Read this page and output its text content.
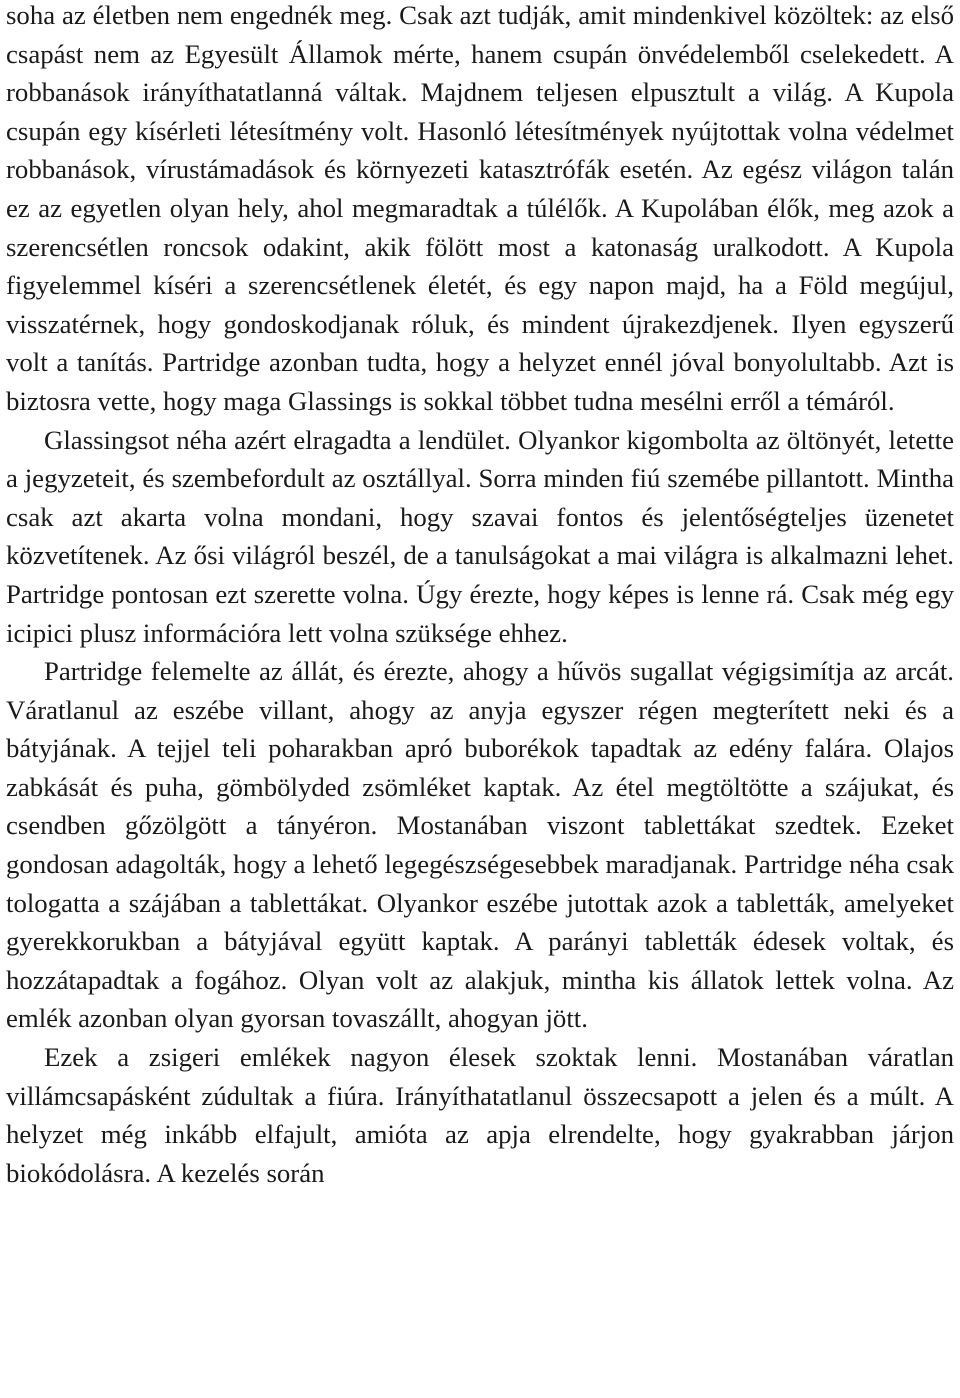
soha az életben nem engednék meg. Csak azt tudják, amit mindenkivel közöltek: az első csapást nem az Egyesült Államok mérte, hanem csupán önvédelemből cselekedett. A robbanások irányíthatatlanná váltak. Majdnem teljesen elpusztult a világ. A Kupola csupán egy kísérleti létesítmény volt. Hasonló létesítmények nyújtottak volna védelmet robbanások, vírustámadások és környezeti katasztrófák esetén. Az egész világon talán ez az egyetlen olyan hely, ahol megmaradtak a túlélők. A Kupolában élők, meg azok a szerencsétlen roncsok odakint, akik fölött most a katonaság uralkodott. A Kupola figyelemmel kíséri a szerencsétlenek életét, és egy napon majd, ha a Föld megújul, visszatérnek, hogy gondoskodjanak róluk, és mindent újrakezdjenek. Ilyen egyszerű volt a tanítás. Partridge azonban tudta, hogy a helyzet ennél jóval bonyolultabb. Azt is biztosra vette, hogy maga Glassings is sokkal többet tudna mesélni erről a témáról.

Glassingsot néha azért elragadta a lendület. Olyankor kigombolta az öltönyét, letette a jegyzeteit, és szembefordult az osztállyal. Sorra minden fiú szemébe pillantott. Mintha csak azt akarta volna mondani, hogy szavai fontos és jelentőségteljes üzenetet közvetítenek. Az ősi világról beszél, de a tanulságokat a mai világra is alkalmazni lehet. Partridge pontosan ezt szerette volna. Úgy érezte, hogy képes is lenne rá. Csak még egy icipici plusz információra lett volna szüksége ehhez.

Partridge felemelte az állát, és érezte, ahogy a hűvös sugallat végigsimítja az arcát. Váratlanul az eszébe villant, ahogy az anyja egyszer régen megterített neki és a bátyjának. A tejjel teli poharakban apró buborékok tapadtak az edény falára. Olajos zabkását és puha, gömbölyded zsömléket kaptak. Az étel megtöltötte a szájukat, és csendben gőzölgött a tányéron. Mostanában viszont tablettákat szedtek. Ezeket gondosan adagolták, hogy a lehető legegészségesebbek maradjanak. Partridge néha csak tologatta a szájában a tablettákat. Olyankor eszébe jutottak azok a tabletták, amelyeket gyerekkorukban a bátyjával együtt kaptak. A parányi tabletták édesek voltak, és hozzátapadtak a fogához. Olyan volt az alakjuk, mintha kis állatok lettek volna. Az emlék azonban olyan gyorsan tovaszállt, ahogyan jött.

Ezek a zsigeri emlékek nagyon élesek szoktak lenni. Mostanában váratlan villámcsapásként zúdultak a fiúra. Irányíthatatlanul összecsapott a jelen és a múlt. A helyzet még inkább elfajult, amióta az apja elrendelte, hogy gyakrabban járjon biokódolásra. A kezelés során
